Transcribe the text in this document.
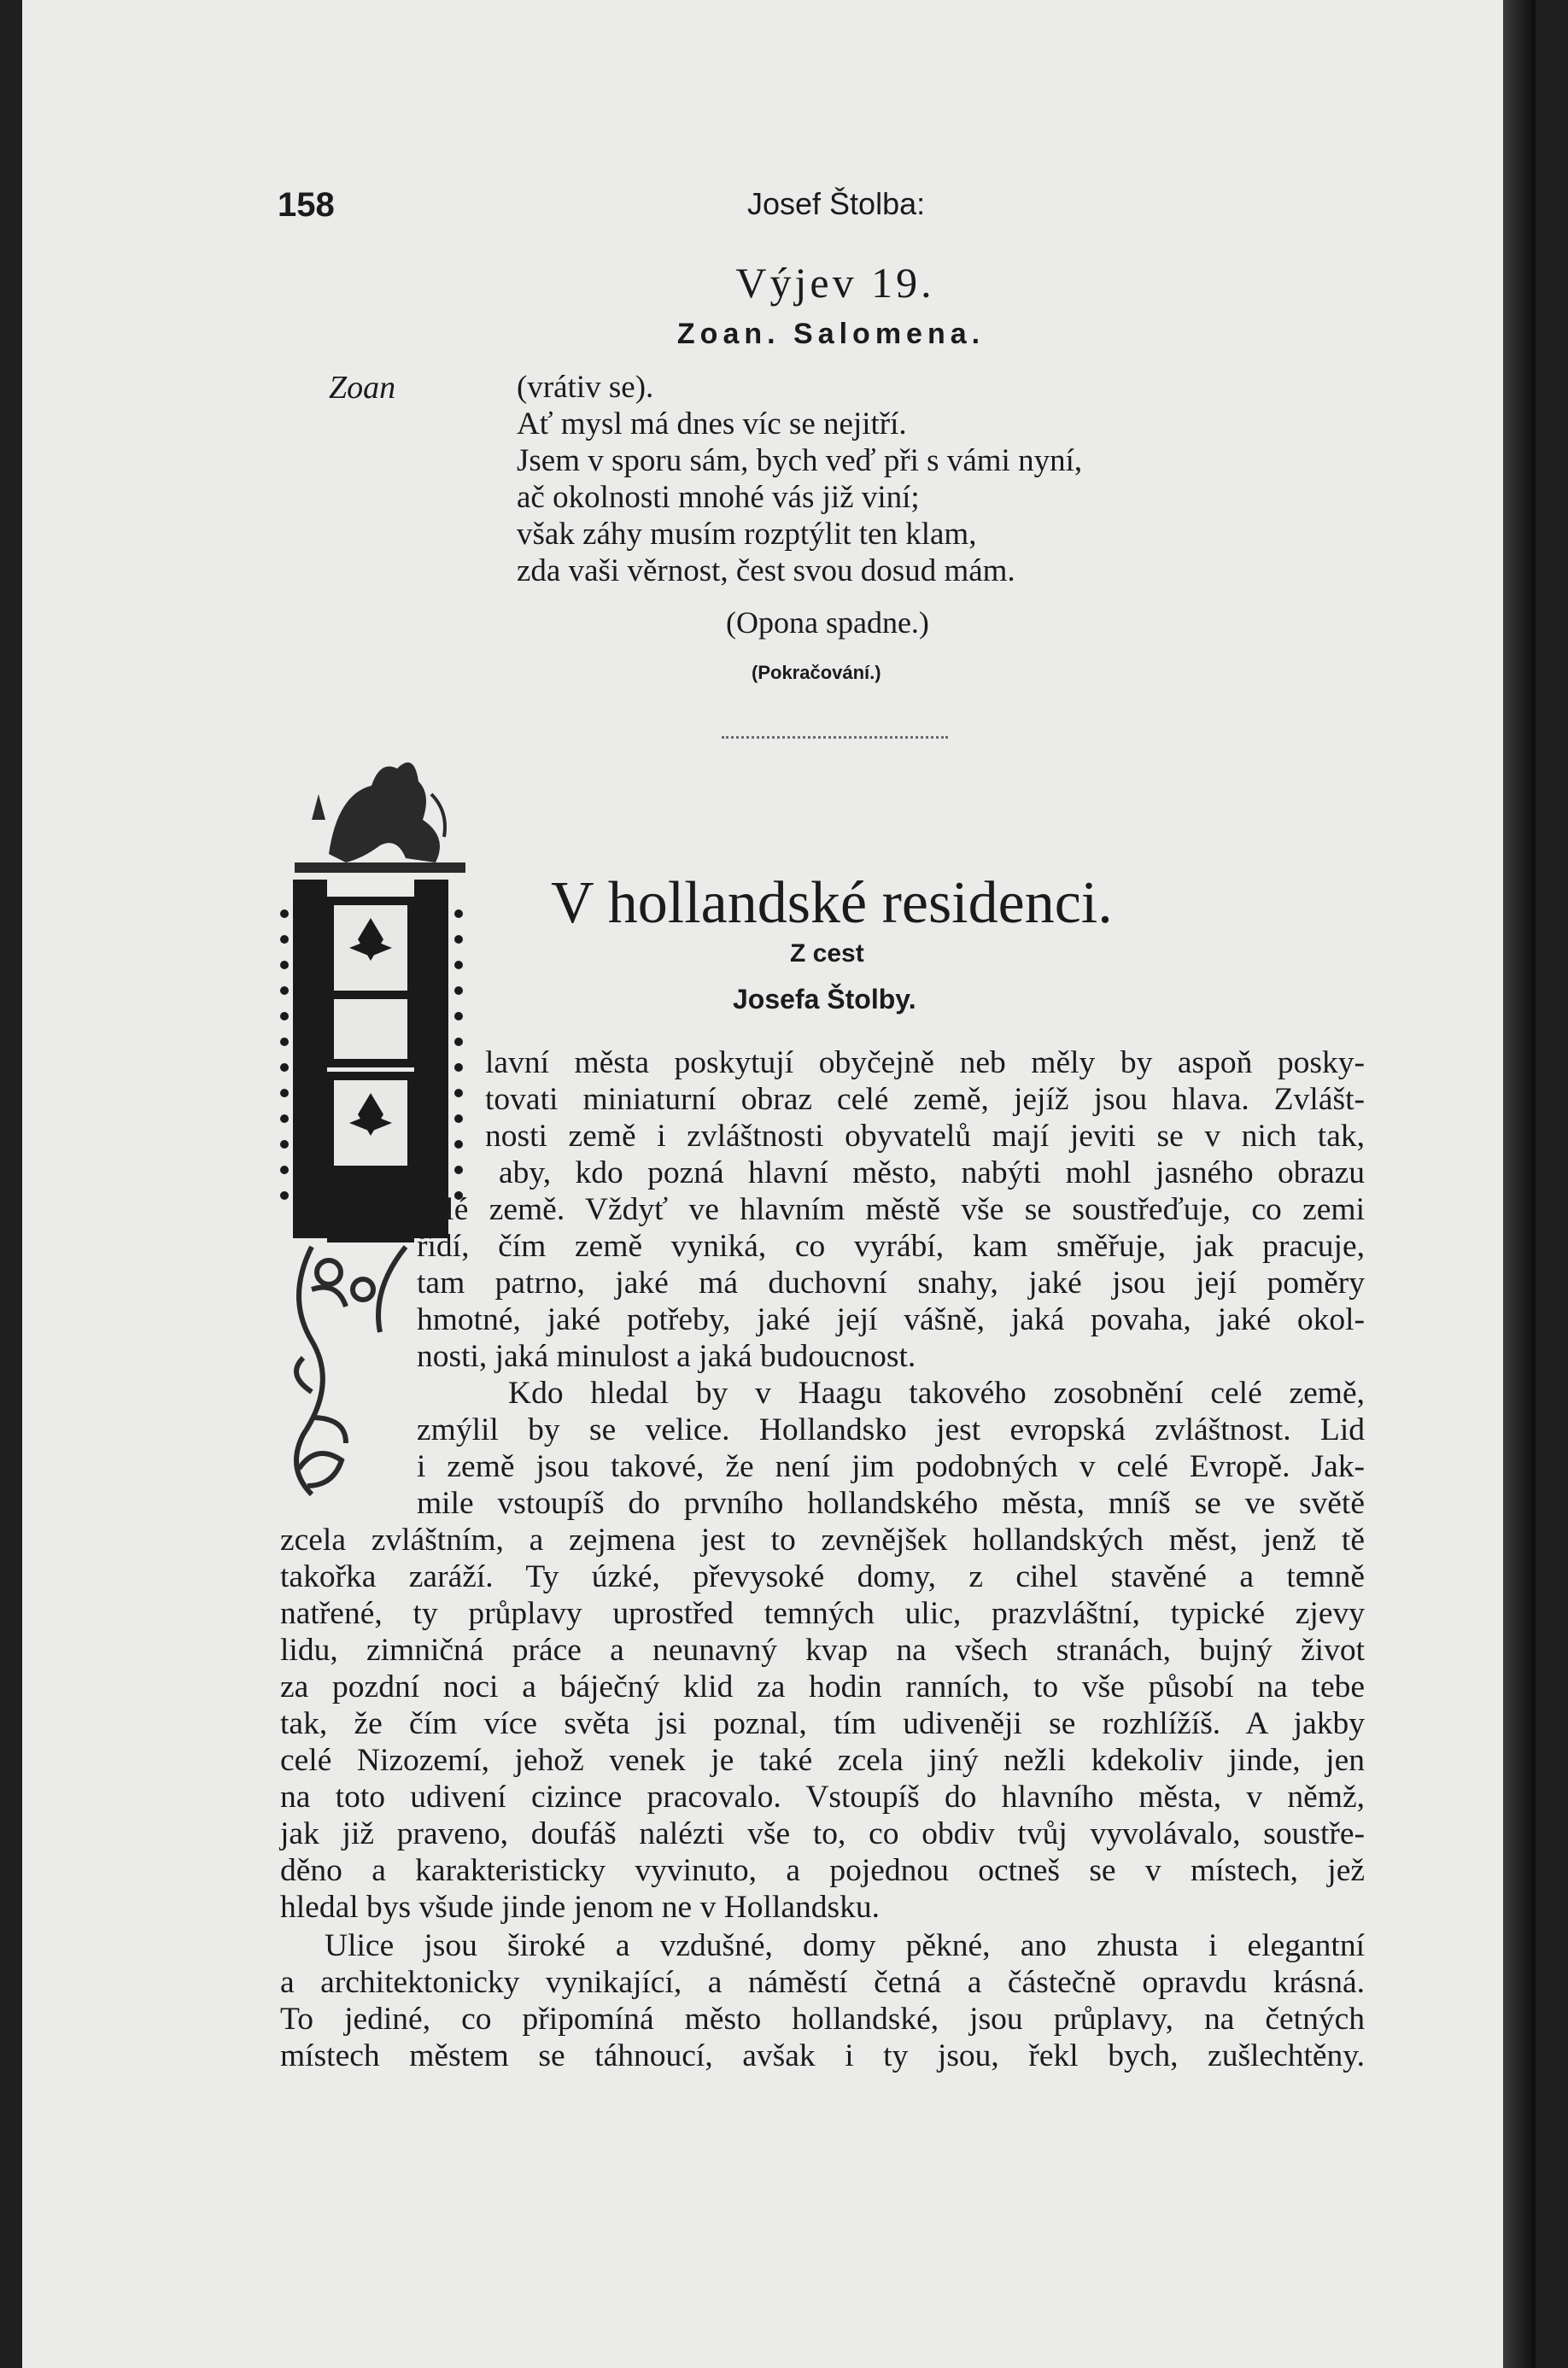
158	Josef Štolba:
Výjev 19.
Zoan. Salomena.
Zoan	(vrátiv se).
Ať mysl má dnes víc se nejitří.
Jsem v sporu sám, bych veď při s vámi nyní,
ač okolnosti mnohé vás již viní;
však záhy musím rozptýlit ten klam,
zda vaši věrnost, čest svou dosud mám.
(Opona spadne.)
(Pokračování.)
V hollandské residenci.
Z cest
Josefa Štolby.
lavní města poskytují obyčejně neb měly by aspoň posky-
tovati miniaturní obraz celé země, jejíž jsou hlava. Zvlášt-
nosti země i zvláštnosti obyvatelů mají jeviti se v nich tak,
aby, kdo pozná hlavní město, nabýti mohl jasného obrazu
celé země. Vždyť ve hlavním městě vše se soustřeďuje, co zemi
řídí, čím země vyniká, co vyrábí, kam směřuje, jak pracuje,
tam patrno, jaké má duchovní snahy, jaké jsou její poměry
hmotné, jaké potřeby, jaké její vášně, jaká povaha, jaké okol-
nosti, jaká minulost a jaká budoucnost.
Kdo hledal by v Haagu takového zosobnění celé země,
zmýlil by se velice. Hollandsko jest evropská zvláštnost. Lid
i země jsou takové, že není jim podobných v celé Evropě. Jak-
mile vstoupíš do prvního hollandského města, mníš se ve světě
zcela zvláštním, a zejmena jest to zevnějšek hollandských měst, jenž tě
takořka zaráží. Ty úzké, převysoké domy, z cihel stavěné a temně
natřené, ty průplavy uprostřed temných ulic, prazvláštní, typické zjevy
lidu, zimničná práce a neunavný kvap na všech stranách, bujný život
za pozdní noci a báječný klid za hodin ranních, to vše působí na tebe
tak, že čím více světa jsi poznal, tím udiveněji se rozhlížíš. A jakby
celé Nizozemí, jehož venek je také zcela jiný nežli kdekoliv jinde, jen
na toto udivení cizince pracovalo. Vstoupíš do hlavního města, v němž,
jak již praveno, doufáš nalézti vše to, co obdiv tvůj vyvolávalo, soustře-
děno a karakteristicky vyvinuto, a pojednou octneš se v místech, jež
hledal bys všude jinde jenom ne v Hollandsku.
Ulice jsou široké a vzdušné, domy pěkné, ano zhusta i elegantní
a architektonicky vynikající, a náměstí četná a částečně opravdu krásná.
To jediné, co připomíná město hollandské, jsou průplavy, na četných
místech městem se táhnoucí, avšak i ty jsou, řekl bych, zušlechtěny.
